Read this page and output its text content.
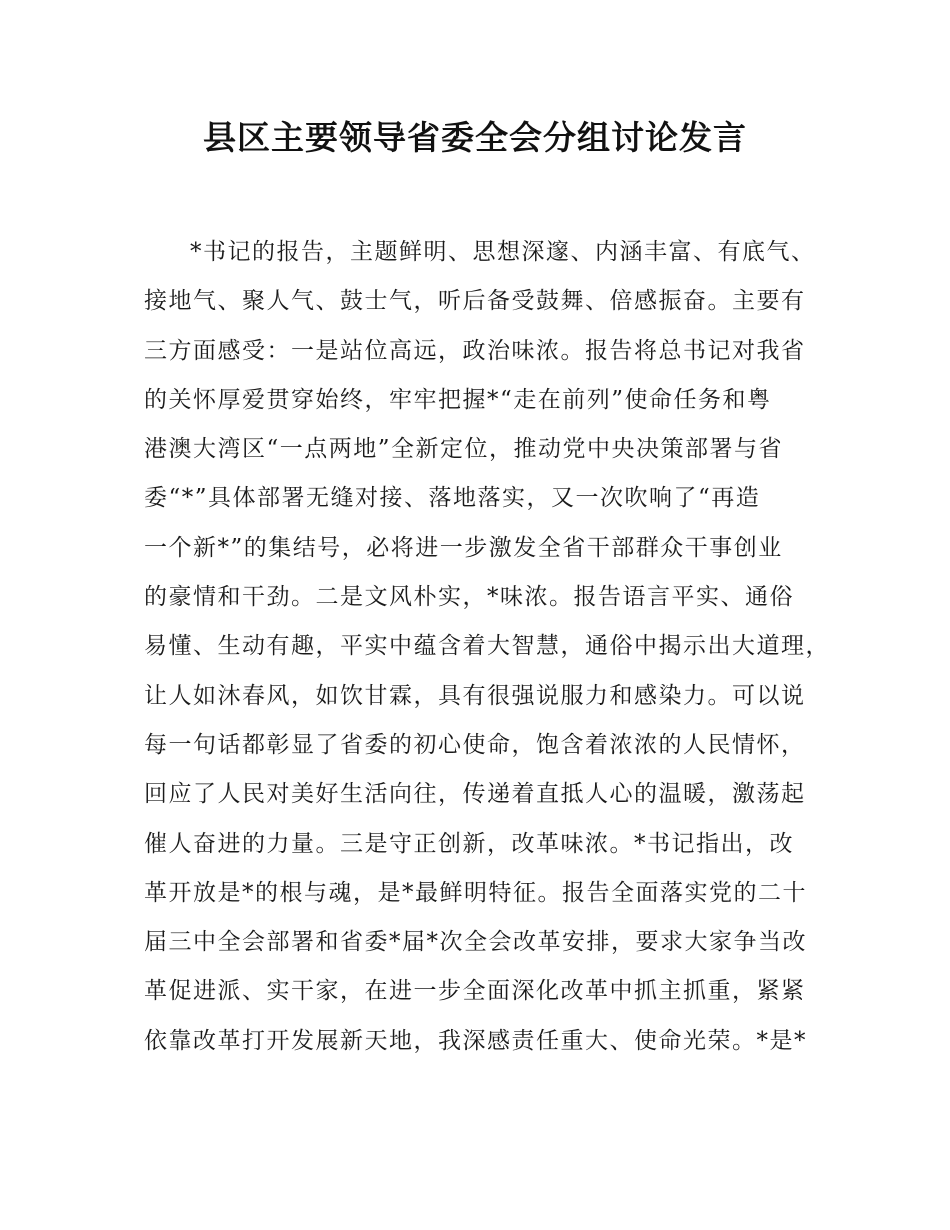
县区主要领导省委全会分组讨论发言
*书记的报告，主题鲜明、思想深邃、内涵丰富、有底气、
接地气、聚人气、鼓士气，听后备受鼓舞、倍感振奋。主要有
三方面感受：一是站位高远，政治味浓。报告将总书记对我省
的关怀厚爱贯穿始终，牢牢把握*“走在前列”使命任务和粤
港澳大湾区“一点两地”全新定位，推动党中央决策部署与省
委“*”具体部署无缝对接、落地落实，又一次吹响了“再造
一个新*”的集结号，必将进一步激发全省干部群众干事创业
的豪情和干劲。二是文风朴实，*味浓。报告语言平实、通俗
易懂、生动有趣，平实中蕴含着大智慧，通俗中揭示出大道理，
让人如沐春风，如饮甘霖，具有很强说服力和感染力。可以说
每一句话都彰显了省委的初心使命，饱含着浓浓的人民情怀，
回应了人民对美好生活向往，传递着直抵人心的温暖，激荡起
催人奋进的力量。三是守正创新，改革味浓。*书记指出，改
革开放是*的根与魂，是*最鲜明特征。报告全面落实党的二十
届三中全会部署和省委*届*次全会改革安排，要求大家争当改
革促进派、实干家，在进一步全面深化改革中抓主抓重，紧紧
依靠改革打开发展新天地，我深感责任重大、使命光荣。*是*
